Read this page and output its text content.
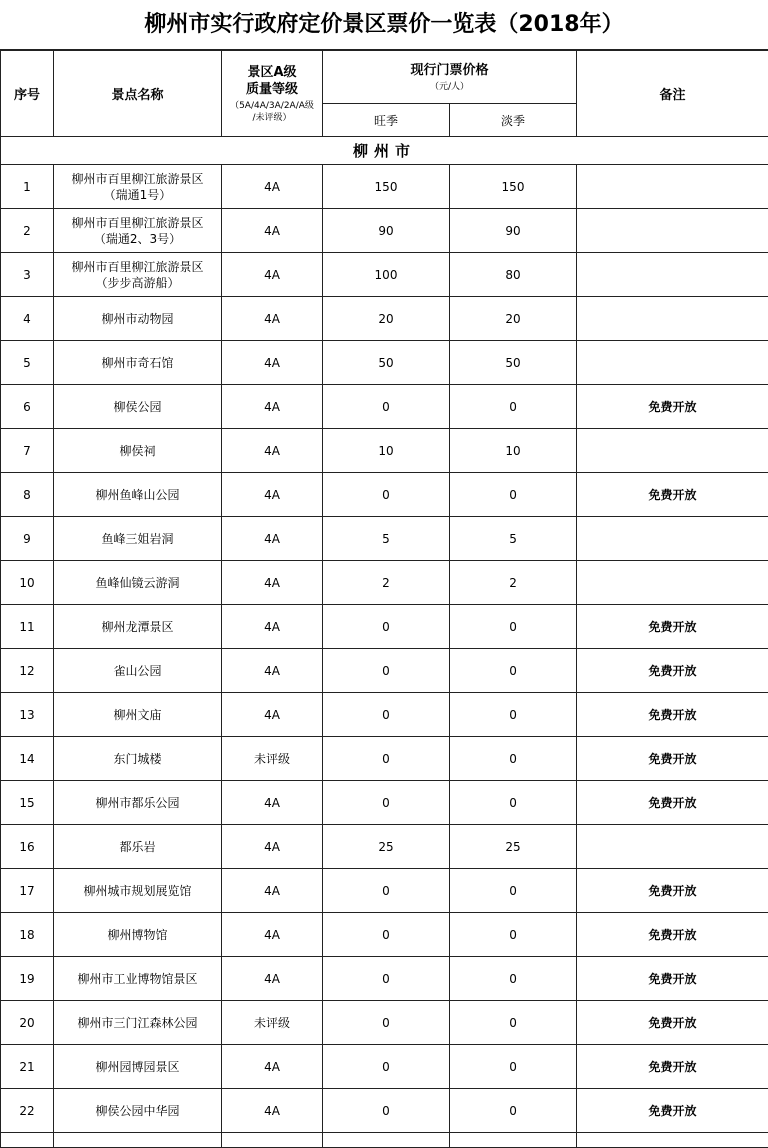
柳州市实行政府定价景区票价一览表（2018年）
序号	景点名称	景区A级
质量等级
（5A/4A/3A/2A/A级
/未评级）	现行门票价格
（元/人）		备注
			旺季	淡季	
柳州市					
1	柳州市百里柳江旅游景区
（瑞通1号）	4A	150	150	
2	柳州市百里柳江旅游景区
（瑞通2、3号）	4A	90	90	
3	柳州市百里柳江旅游景区
（步步高游船）	4A	100	80	
4	柳州市动物园	4A	20	20	
5	柳州市奇石馆	4A	50	50	
6	柳侯公园	4A	0	0	免费开放
7	柳侯祠	4A	10	10	
8	柳州鱼峰山公园	4A	0	0	免费开放
9	鱼峰三姐岩洞	4A	5	5	
10	鱼峰仙镜云游洞	4A	2	2	
11	柳州龙潭景区	4A	0	0	免费开放
12	雀山公园	4A	0	0	免费开放
13	柳州文庙	4A	0	0	免费开放
14	东门城楼	未评级	0	0	免费开放
15	柳州市都乐公园	4A	0	0	免费开放
16	都乐岩	4A	25	25	
17	柳州城市规划展览馆	4A	0	0	免费开放
18	柳州博物馆	4A	0	0	免费开放
19	柳州市工业博物馆景区	4A	0	0	免费开放
20	柳州市三门江森林公园	未评级	0	0	免费开放
21	柳州园博园景区	4A	0	0	免费开放
22	柳侯公园中华园	4A	0	0	免费开放
